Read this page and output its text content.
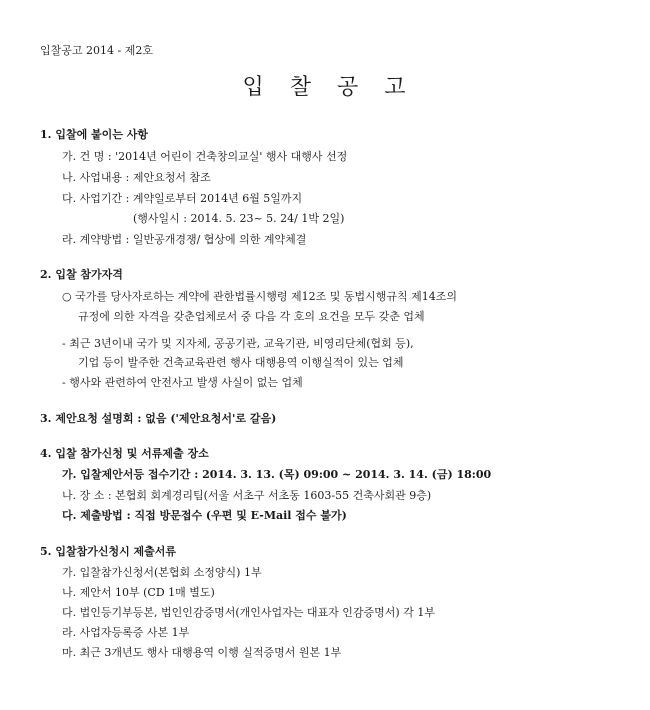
입찰공고 2014 - 제2호
입 찰 공 고
1. 입찰에 붙이는 사항
가. 건 명 : '2014년 어린이 건축창의교실' 행사 대행사 선정
나. 사업내용 : 제안요청서 참조
다. 사업기간 : 계약일로부터 2014년 6월 5일까지
(행사일시 : 2014. 5. 23~ 5. 24/ 1박 2일)
라. 계약방법 : 일반공개경쟁/ 협상에 의한 계약체결
2. 입찰 참가자격
○ 국가를 당사자로하는 계약에 관한법률시행령 제12조 및 동법시행규칙 제14조의
규정에 의한 자격을 갖춘업체로서 중 다음 각 호의 요건을 모두 갖춘 업체
- 최근 3년이내 국가 및 지자체, 공공기관, 교육기관, 비영리단체(협회 등),
기업 등이 발주한 건축교육관련 행사 대행용역 이행실적이 있는 업체
- 행사와 관련하여 안전사고 발생 사실이 없는 업체
3. 제안요청 설명회 : 없음 ('제안요청서'로 갈음)
4. 입찰 참가신청 및 서류제출 장소
가. 입찰제안서등 접수기간 : 2014. 3. 13. (목) 09:00 ~ 2014. 3. 14. (금) 18:00
나. 장 소 : 본협회 회계경리팀(서울 서초구 서초동 1603-55 건축사회관 9층)
다. 제출방법 : 직접 방문접수 (우편 및 E-Mail 접수 불가)
5. 입찰참가신청시 제출서류
가. 입찰참가신청서(본협회 소정양식) 1부
나. 제안서 10부 (CD 1매 별도)
다. 법인등기부등본, 법인인감증명서(개인사업자는 대표자 인감증명서) 각 1부
라. 사업자등록증 사본 1부
마. 최근 3개년도 행사 대행용역 이행 실적증명서 원본 1부
